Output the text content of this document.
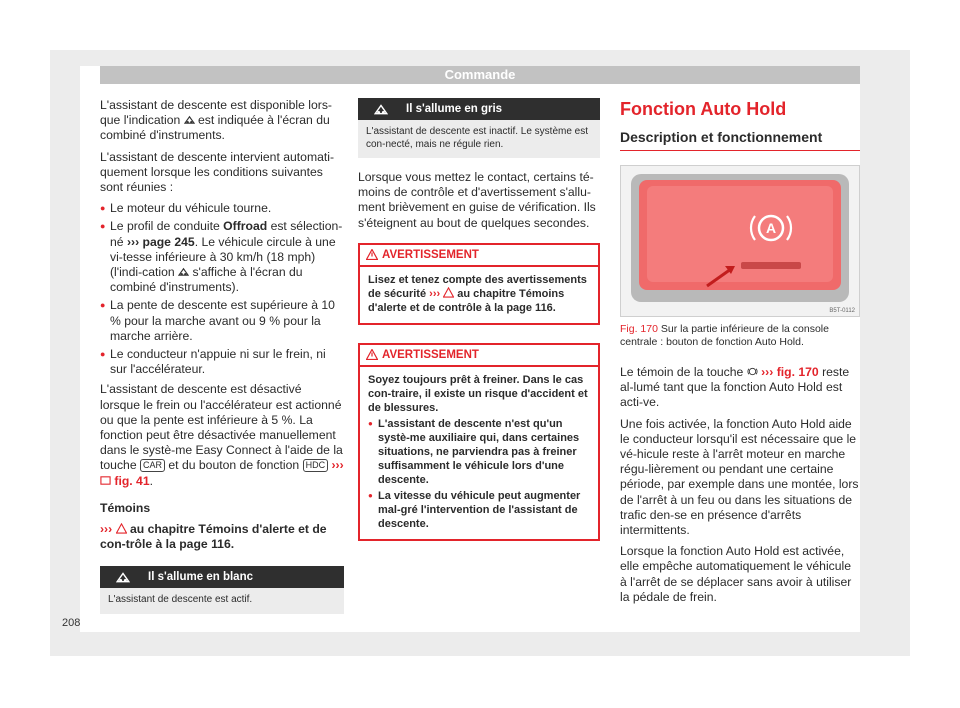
Commande

L'assistant de descente est disponible lors-que l'indication est indiquée à l'écran du combiné d'instruments.

L'assistant de descente intervient automati-quement lorsque les conditions suivantes sont réunies :

● Le moteur du véhicule tourne.
● Le profil de conduite Offroad est sélection-né ››› page 245. Le véhicule circule à une vi-tesse inférieure à 30 km/h (18 mph) (l'indi-cation s'affiche à l'écran du combiné d'instruments).
● La pente de descente est supérieure à 10 % pour la marche avant ou 9 % pour la marche arrière.
● Le conducteur n'appuie ni sur le frein, ni sur l'accélérateur.

L'assistant de descente est désactivé lorsque le frein ou l'accélérateur est actionné ou que la pente est inférieure à 5 %. La fonction peut être désactivée manuellement dans le systè-me Easy Connect à l'aide de la touche CAR et du bouton de fonction HDC ›››  fig. 41.

Témoins

››› au chapitre Témoins d'alerte et de con-trôle à la page 116.

Il s'allume en blanc
L'assistant de descente est actif.
Il s'allume en gris
L'assistant de descente est inactif. Le système est con-necté, mais ne régule rien.

Lorsque vous mettez le contact, certains té-moins de contrôle et d'avertissement s'allu-ment brièvement en guise de vérification. Ils s'éteignent au bout de quelques secondes.

AVERTISSEMENT
Lisez et tenez compte des avertissements de sécurité ››› au chapitre Témoins d'alerte et de contrôle à la page 116.
AVERTISSEMENT
Soyez toujours prêt à freiner. Dans le cas con-traire, il existe un risque d'accident et de blessures.
● L'assistant de descente n'est qu'un systè-me auxiliaire qui, dans certaines situations, ne parviendra pas à freiner suffisamment le véhicule lors d'une descente.
● La vitesse du véhicule peut augmenter mal-gré l'intervention de l'assistant de descente.
Fonction Auto Hold
Description et fonctionnement
A
B5T-0112

Fig. 170 Sur la partie inférieure de la console centrale : bouton de fonction Auto Hold.

Le témoin de la touche ››› fig. 170 reste al-lumé tant que la fonction Auto Hold est acti-ve.

Une fois activée, la fonction Auto Hold aide le conducteur lorsqu'il est nécessaire que le vé-hicule reste à l'arrêt moteur en marche régu-lièrement ou pendant une certaine période, par exemple dans une montée, lors de l'arrêt à un feu ou dans les situations de trafic den-se en présence d'arrêts intermittents.

Lorsque la fonction Auto Hold est activée, elle empêche automatiquement le véhicule à l'arrêt de se déplacer sans avoir à utiliser la pédale de frein.

208
